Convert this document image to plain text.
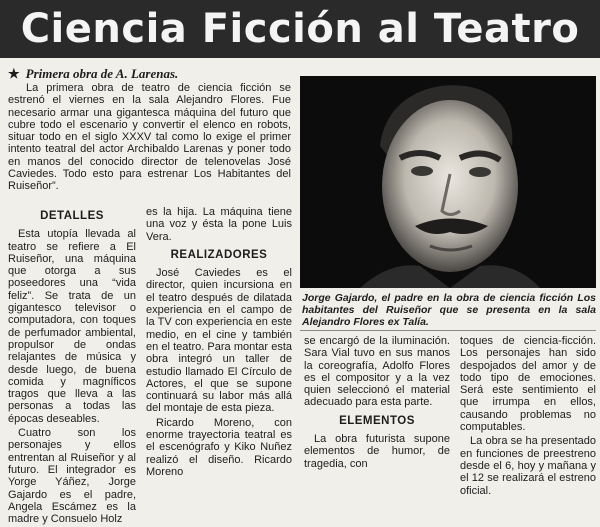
Ciencia Ficción al Teatro
★ Primera obra de A. Larenas.

La primera obra de teatro de ciencia ficción se estrenó el viernes en la sala Alejandro Flores. Fue necesario armar una gigantesca máquina del futuro que cubre todo el escenario y convertir el elenco en robots, situar todo en el siglo XXXV tal como lo exige el primer intento teatral del actor Archibaldo Larenas y poner todo en manos del conocido director de telenovelas José Caviedes. Todo esto para estrenar Los Habitantes del Ruiseñor”.

DETALLES

Esta utopía llevada al teatro se refiere a El Ruiseñor, una máquina que otorga a sus poseedores una “vida feliz”. Se trata de un gigantesco televisor o computadora, con toques de perfumador ambiental, propulsor de ondas relajantes de música y desde luego, de buena comida y magníficos tragos que lleva a las personas a todas las épocas deseables.

Cuatro son los personajes y ellos entrentan al Ruiseñor y al futuro. El integrador es Yorge Yáñez, Jorge Gajardo es el padre, Angela Escámez es la madre y Consuelo Holz

es la hija. La máquina tiene una voz y ésta la pone Luis Vera.

REALIZADORES

José Caviedes es el director, quien incursiona en el teatro después de dilatada experiencia en el campo de la TV con experiencia en este medio, en el cine y también en el teatro. Para montar esta obra integró un taller de estudio llamado El Círculo de Actores, el que se supone continuará su labor más allá del montaje de esta pieza.

Ricardo Moreno, con enorme trayectoria teatral es el escenógrafo y Kiko Nuñez realizó el diseño. Ricardo Moreno

Jorge Gajardo, el padre en la obra de ciencia ficción Los habitantes del Ruiseñor que se presenta en la sala Alejandro Flores ex Talía.

se encargó de la iluminación. Sara Vial tuvo en sus manos la coreografía, Adolfo Flores es el compositor y a la vez quien seleccionó el material adecuado para esta parte.

ELEMENTOS

La obra futurista supone elementos de humor, de tragedia, con

toques de ciencia-ficción. Los personajes han sido despojados del amor y de todo tipo de emociones. Será este sentimiento el que irrumpa en ellos, causando problemas no computables.

La obra se ha presentado en funciones de preestreno desde el 6, hoy y mañana y el 12 se realizará el estreno oficial.
